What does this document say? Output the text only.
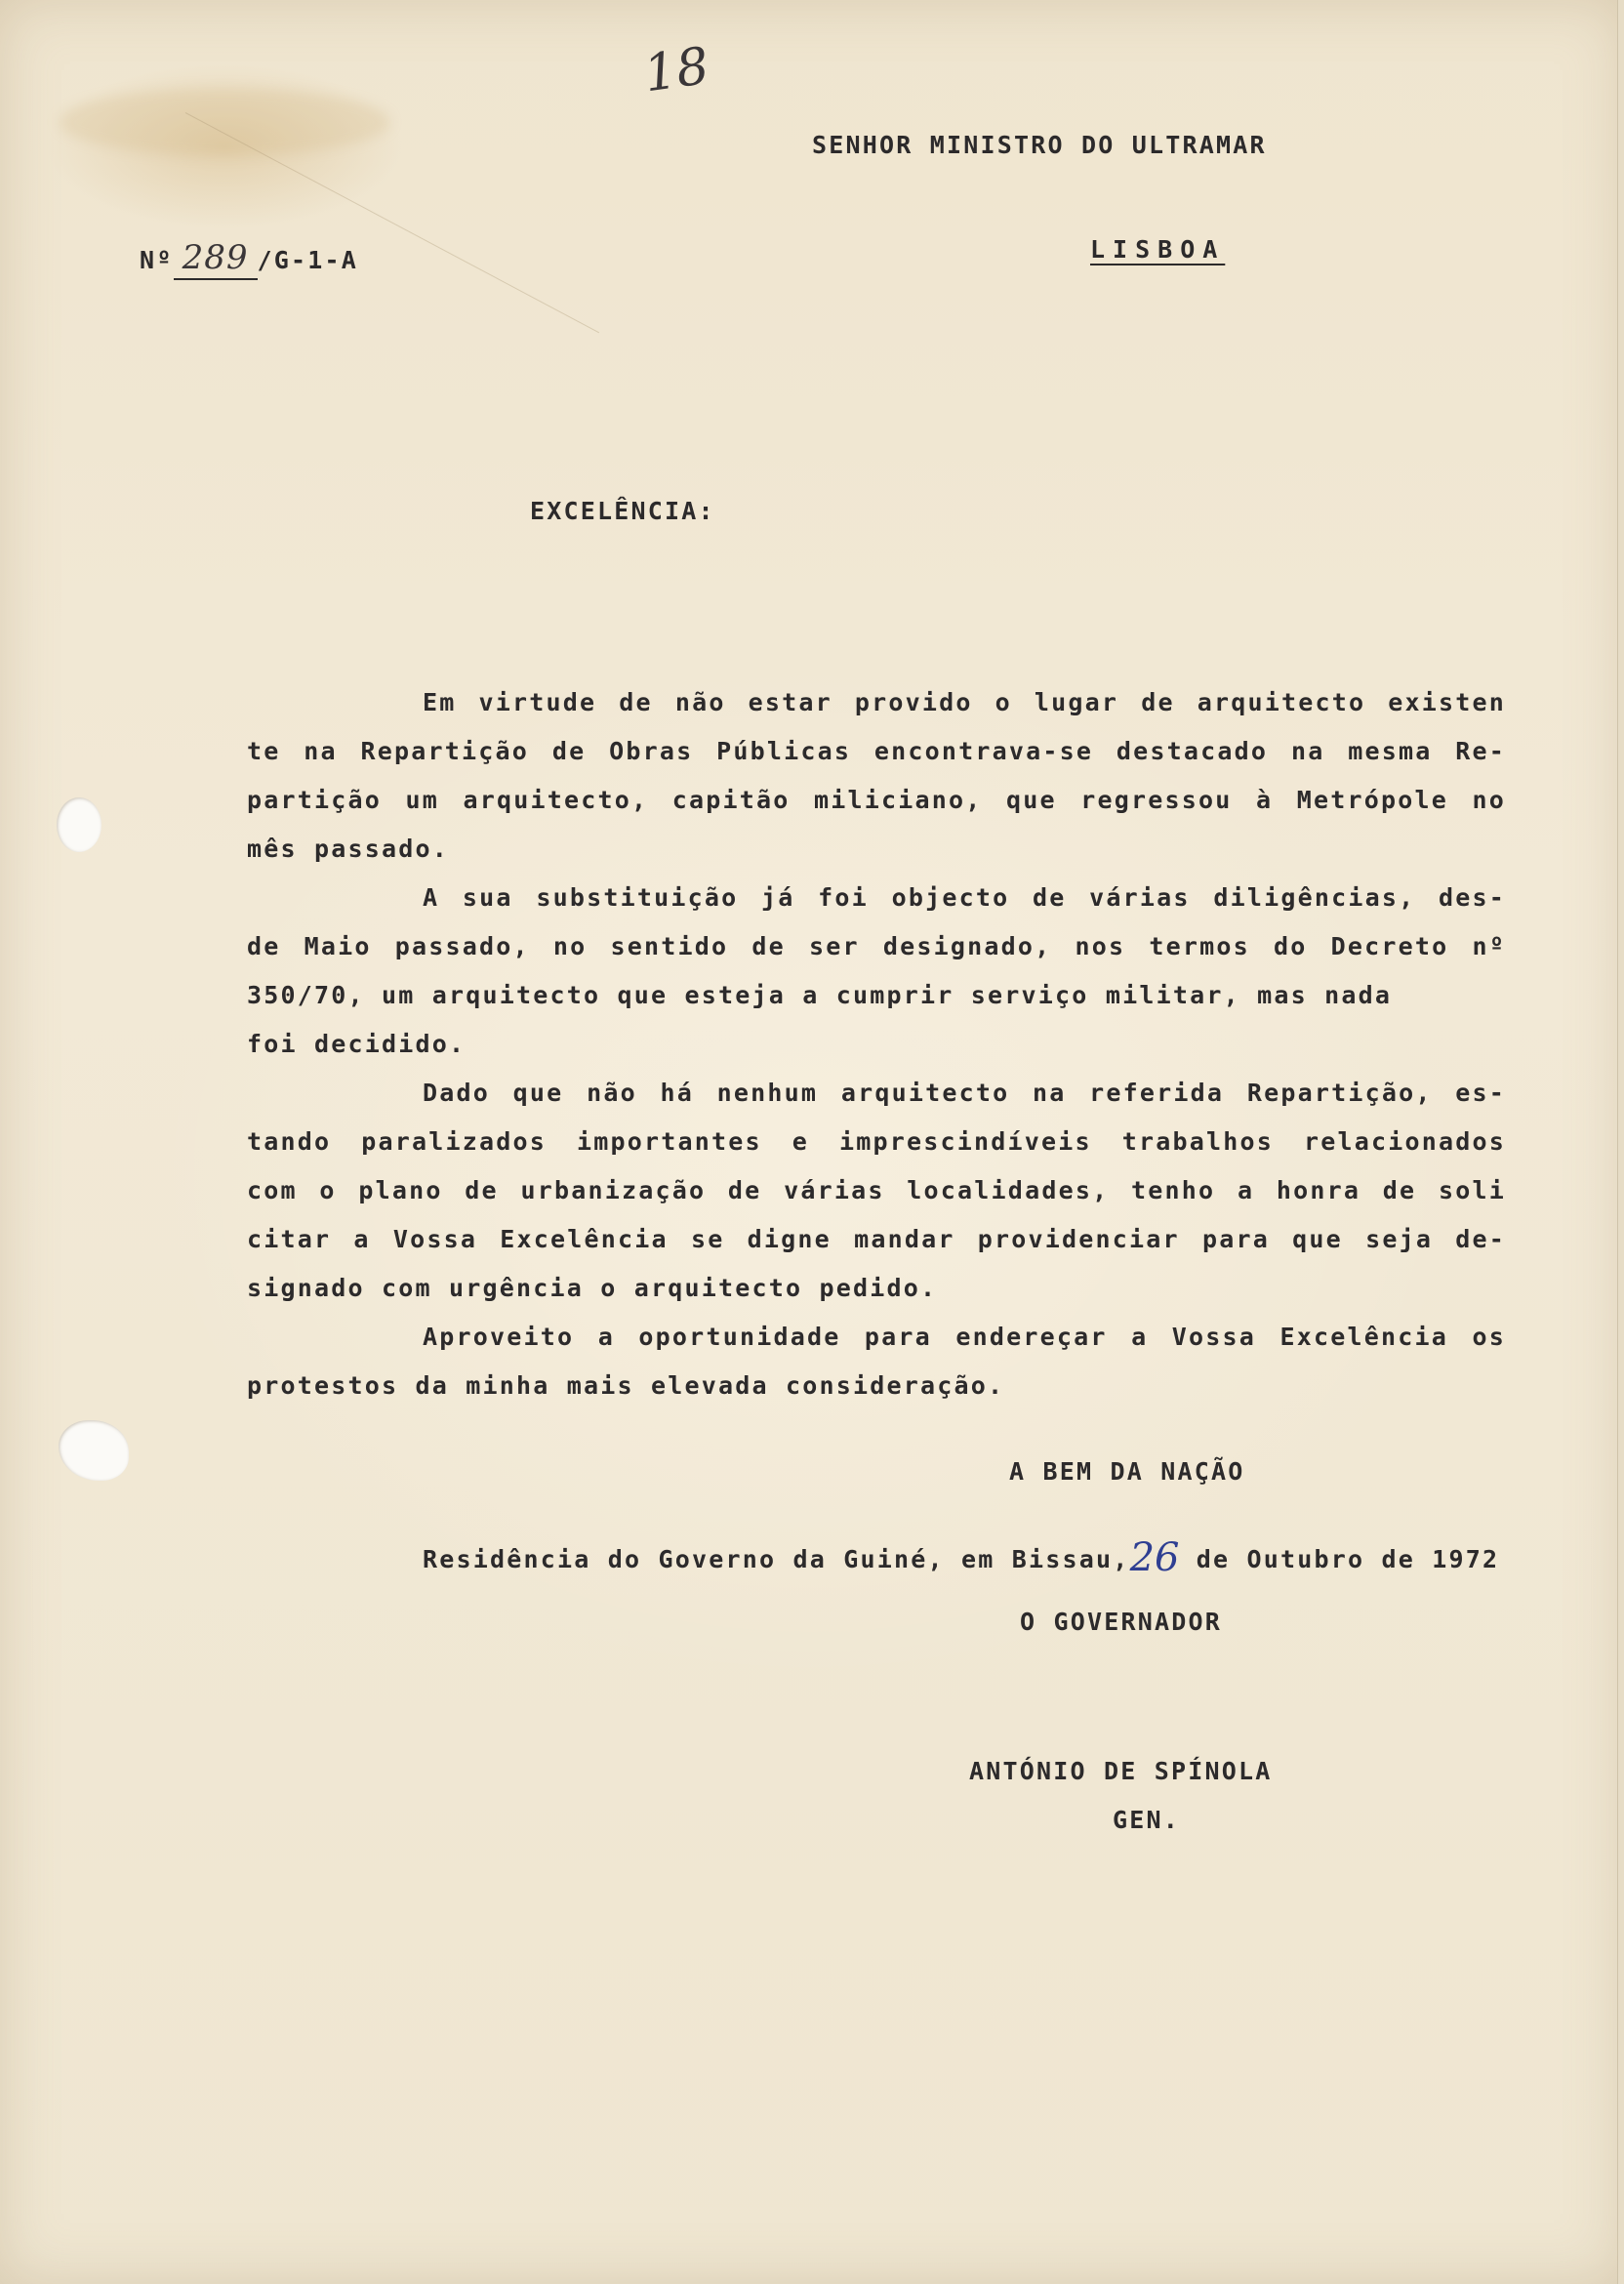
18
SENHOR MINISTRO DO ULTRAMAR
LISBOA
Nº 289 /G-1-A
EXCELÊNCIA:
Em virtude de não estar provido o lugar de arquitecto existen
te na Repartição de Obras Públicas encontrava-se destacado na mesma Re-
partição um arquitecto, capitão miliciano, que regressou à Metrópole no
mês passado.
A sua substituição já foi objecto de várias diligências, des-
de Maio passado, no sentido de ser designado, nos termos do Decreto nº
350/70, um arquitecto que esteja a cumprir serviço militar, mas nada
foi decidido.
Dado que não há nenhum arquitecto na referida Repartição, es-
tando paralizados importantes e imprescindíveis trabalhos relacionados
com o plano de urbanização de várias localidades, tenho a honra de soli
citar a Vossa Excelência se digne mandar providenciar para que seja de-
signado com urgência o arquitecto pedido.
Aproveito a oportunidade para endereçar a Vossa Excelência os
protestos da minha mais elevada consideração.
A BEM DA NAÇÃO
Residência do Governo da Guiné, em Bissau,26 de Outubro de 1972
O GOVERNADOR
ANTÓNIO DE SPÍNOLA
GEN.
